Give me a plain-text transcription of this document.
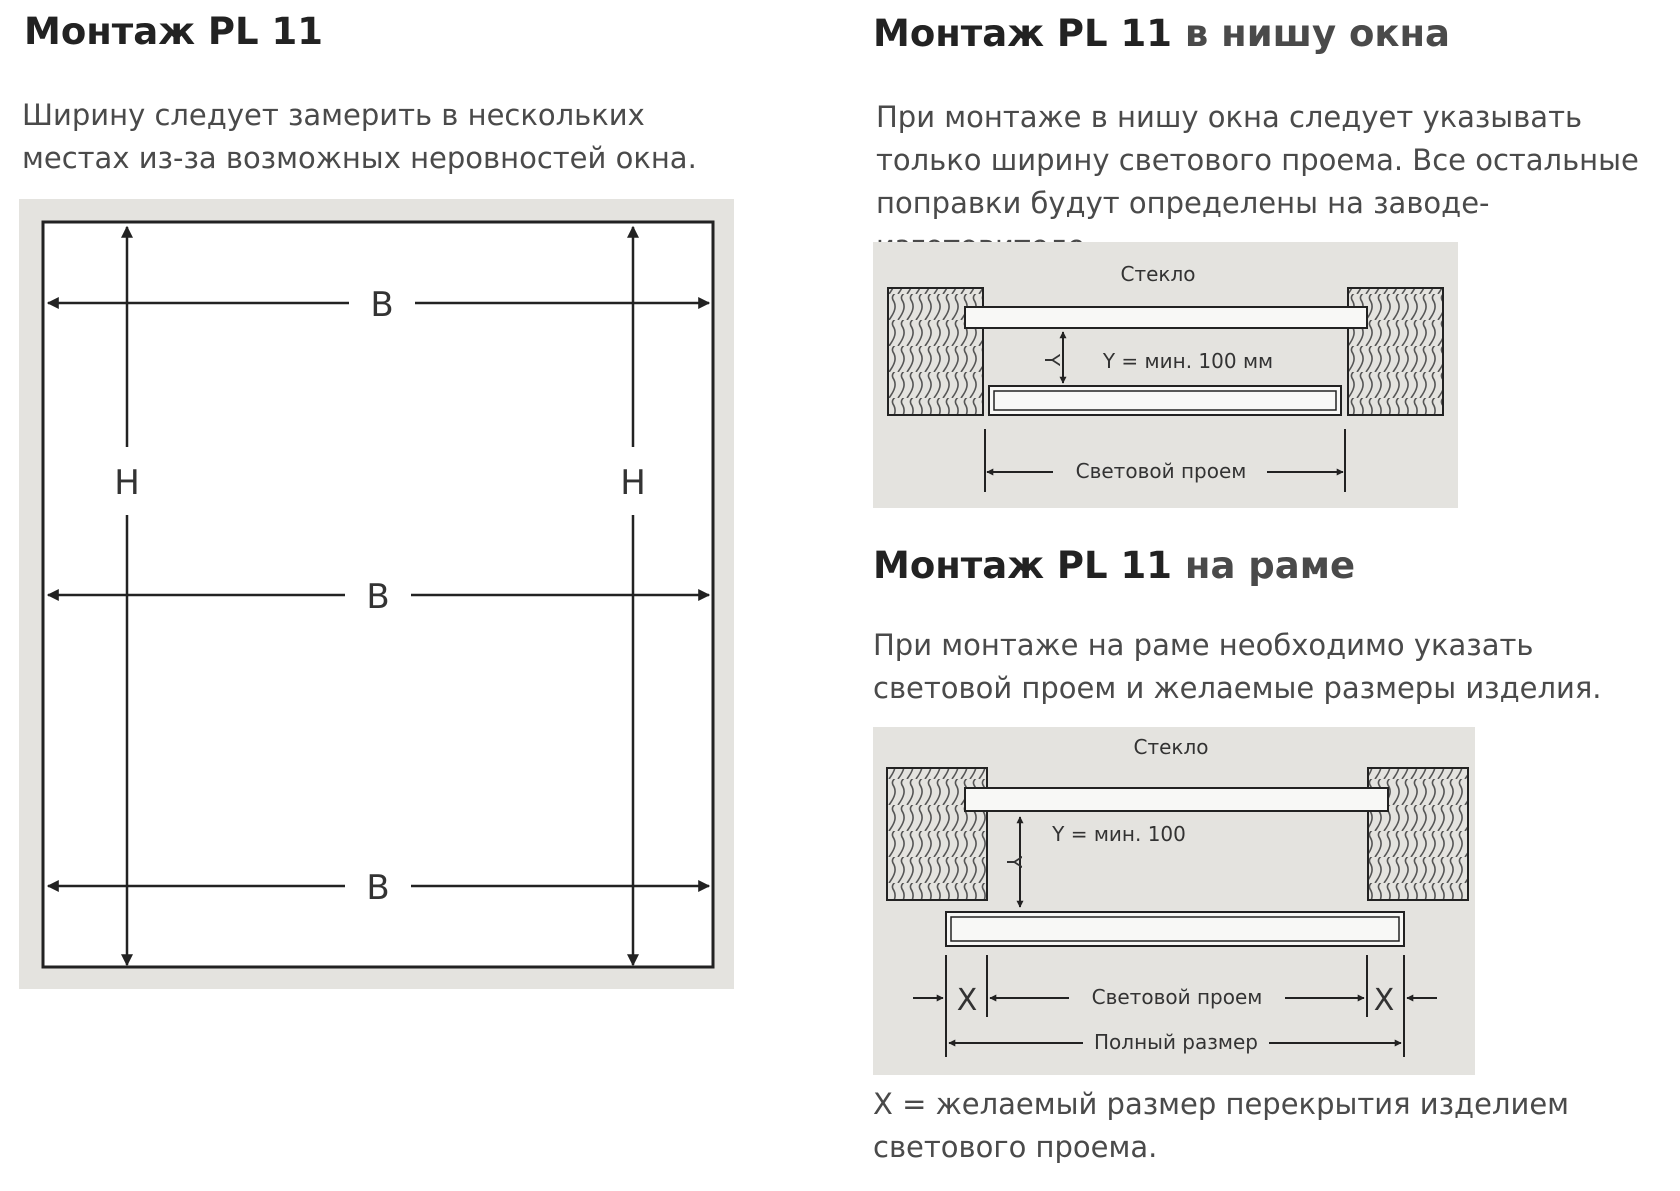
Монтаж PL 11

Ширину следует замерить в нескольких местах из-за возможных неровностей окна.

H	H
B
B
B
Монтаж PL 11 в нишу окна

При монтаже в нишу окна следует указывать только ширину светового проема. Все остальные поправки будут определены на заводе-

Стекло
Y Y = мин. 100 мм
Световой проем
Монтаж PL 11 на раме

При монтаже на раме необходимо указать световой проем и желаемые размеры изделия.

Стекло
Y
Y = мин. 100
X	X
Световой проем
Полный размер

X = желаемый размер перекрытия изделием светового проема.
